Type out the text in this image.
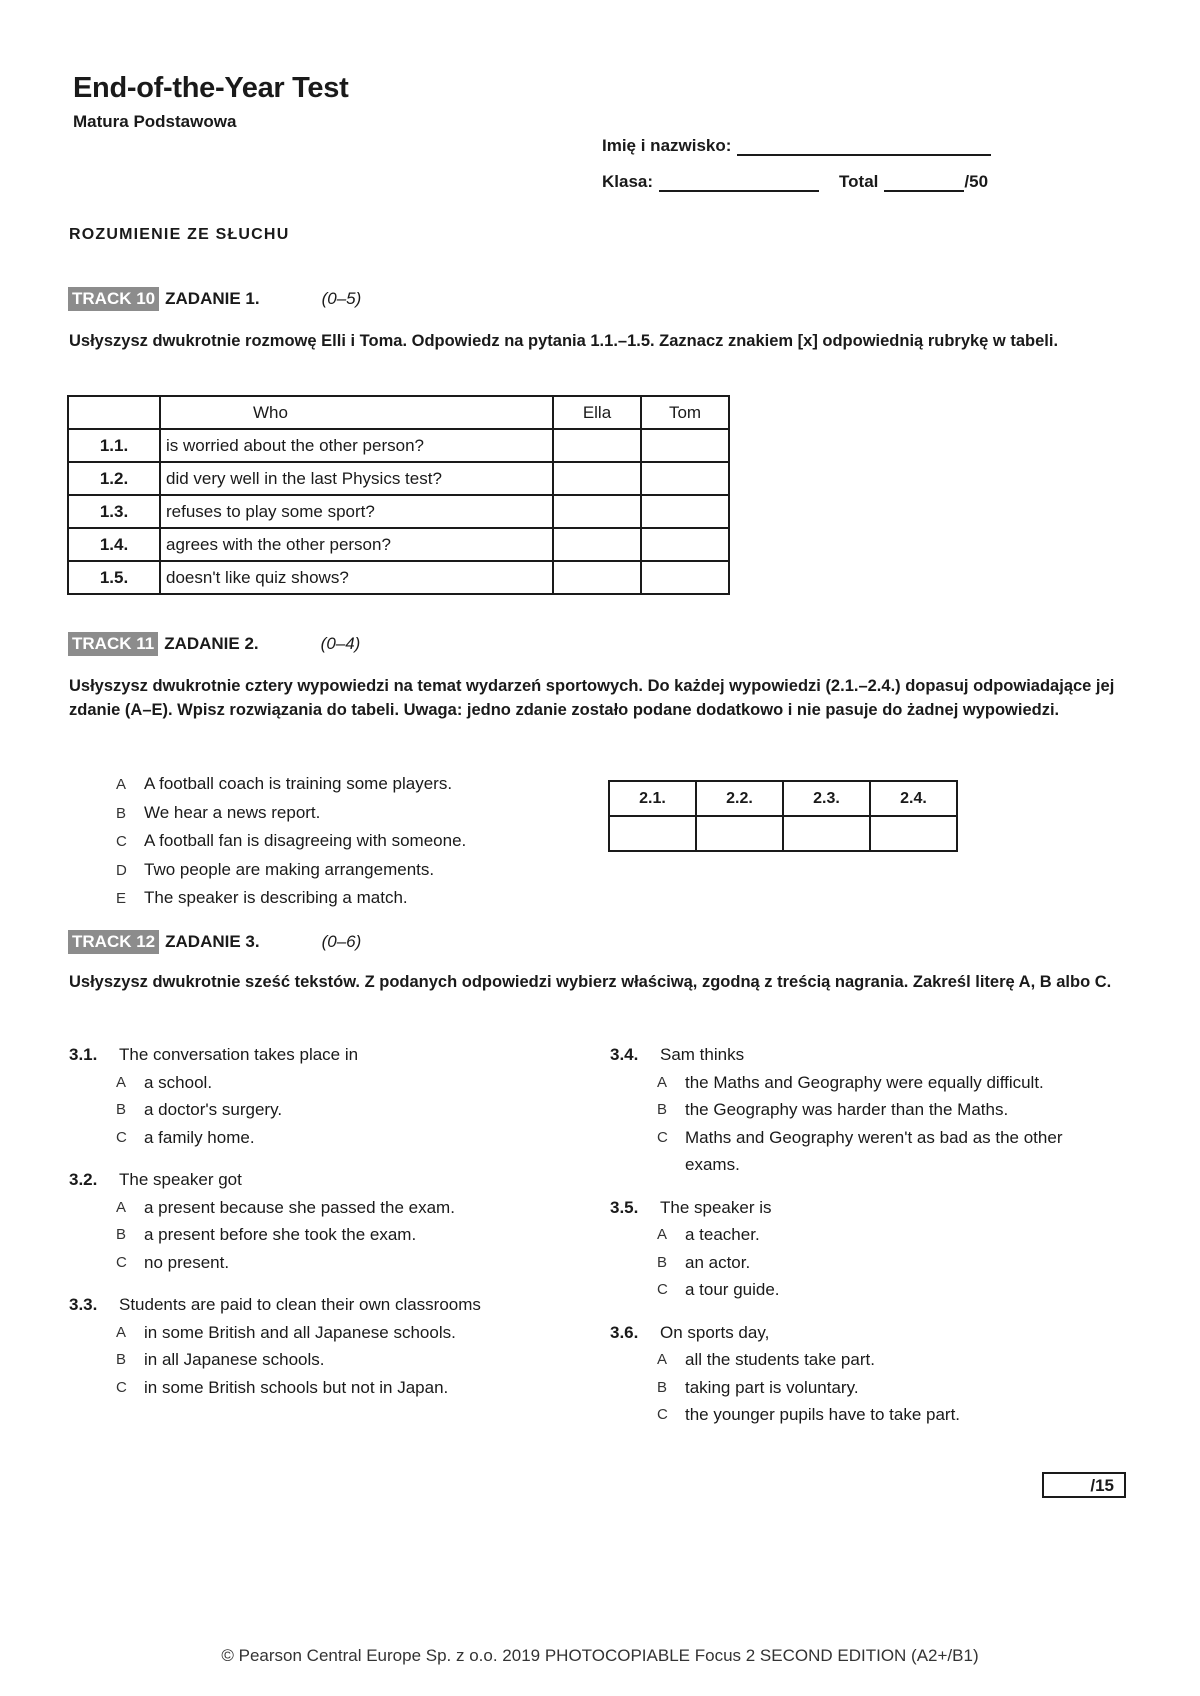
End-of-the-Year Test
Matura Podstawowa
Imię i nazwisko:
Klasa:	Total	/50
ROZUMIENIE ZE SŁUCHU
TRACK 10 ZADANIE 1.	(0–5)
Usłyszysz dwukrotnie rozmowę Elli i Toma. Odpowiedz na pytania 1.1.–1.5. Zaznacz znakiem [x] odpowiednią rubrykę w tabeli.
	Who	Ella	Tom
1.1.	is worried about the other person?		
1.2.	did very well in the last Physics test?		
1.3.	refuses to play some sport?		
1.4.	agrees with the other person?		
1.5.	doesn't like quiz shows?		
TRACK 11 ZADANIE 2.	(0–4)
Usłyszysz dwukrotnie cztery wypowiedzi na temat wydarzeń sportowych. Do każdej wypowiedzi (2.1.–2.4.) dopasuj odpowiadające jej zdanie (A–E). Wpisz rozwiązania do tabeli. Uwaga: jedno zdanie zostało podane dodatkowo i nie pasuje do żadnej wypowiedzi.
A A football coach is training some players.
B We hear a news report.
C A football fan is disagreeing with someone.
D Two people are making arrangements.
E The speaker is describing a match.
2.1.	2.2.	2.3.	2.4.

TRACK 12 ZADANIE 3.	(0–6)
Usłyszysz dwukrotnie sześć tekstów. Z podanych odpowiedzi wybierz właściwą, zgodną z treścią nagrania. Zakreśl literę A, B albo C.
3.1. The conversation takes place in
A a school.
B a doctor's surgery.
C a family home.
3.2. The speaker got
A a present because she passed the exam.
B a present before she took the exam.
C no present.
3.3. Students are paid to clean their own classrooms
A in some British and all Japanese schools.
B in all Japanese schools.
C in some British schools but not in Japan.
3.4. Sam thinks
A the Maths and Geography were equally difficult.
B the Geography was harder than the Maths.
C Maths and Geography weren't as bad as the other exams.
3.5. The speaker is
A a teacher.
B an actor.
C a tour guide.
3.6. On sports day,
A all the students take part.
B taking part is voluntary.
C the younger pupils have to take part.
/15
© Pearson Central Europe Sp. z o.o. 2019 PHOTOCOPIABLE Focus 2 SECOND EDITION (A2+/B1)
